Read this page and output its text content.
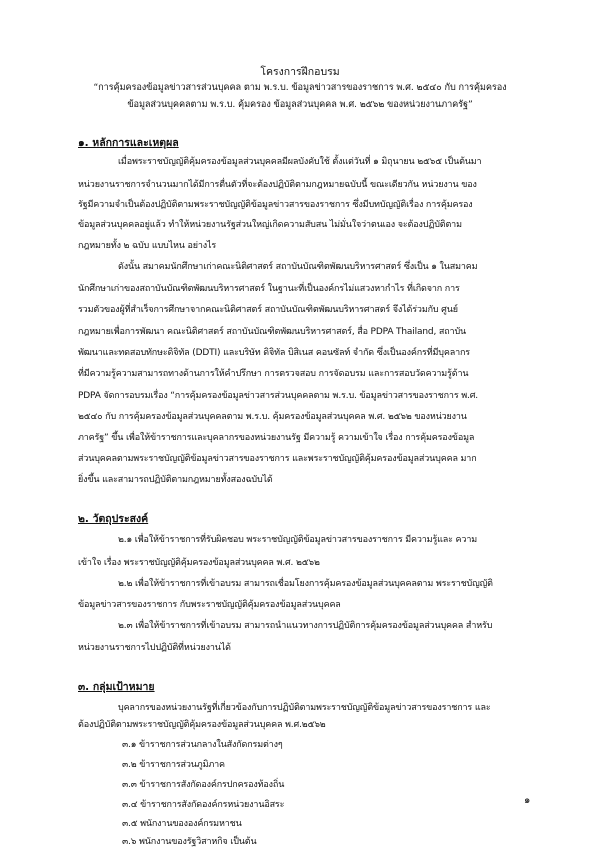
โครงการฝึกอบรม
“การคุ้มครองข้อมูลข่าวสารส่วนบุคคล ตาม พ.ร.บ. ข้อมูลข่าวสารของราชการ พ.ศ. ๒๕๔๐ กับ การคุ้มครอง
ข้อมูลส่วนบุคคลตาม พ.ร.บ. คุ้มครอง ข้อมูลส่วนบุคคล พ.ศ. ๒๕๖๒ ของหน่วยงานภาครัฐ”
๑. หลักการและเหตุผล
เมื่อพระราชบัญญัติคุ้มครองข้อมูลส่วนบุคคลมีผลบังคับใช้ ตั้งแต่วันที่ ๑ มิถุนายน ๒๕๖๕ เป็นต้นมา
หน่วยงานราชการจำนวนมากได้มีการตื่นตัวที่จะต้องปฏิบัติตามกฎหมายฉบับนี้ ขณะเดียวกัน หน่วยงาน ของ
รัฐมีความจำเป็นต้องปฏิบัติตามพระราชบัญญัติข้อมูลข่าวสารของราชการ ซึ่งมีบทบัญญัติเรื่อง การคุ้มครอง
ข้อมูลส่วนบุคคลอยู่แล้ว ทำให้หน่วยงานรัฐส่วนใหญ่เกิดความสับสน ไม่มั่นใจว่าตนเอง จะต้องปฏิบัติตาม
กฎหมายทั้ง ๒ ฉบับ แบบไหน อย่างไร
ดังนั้น สมาคมนักศึกษาเก่าคณะนิติศาสตร์ สถาบันบัณฑิตพัฒนบริหารศาสตร์ ซึ่งเป็น ๑ ในสมาคม
นักศึกษาเก่าของสถาบันบัณฑิตพัฒนบริหารศาสตร์ ในฐานะที่เป็นองค์กรไม่แสวงหากำไร ที่เกิดจาก การ
รวมตัวของผู้ที่สำเร็จการศึกษาจากคณะนิติศาสตร์ สถาบันบัณฑิตพัฒนบริหารศาสตร์ จึงได้ร่วมกับ ศูนย์
กฎหมายเพื่อการพัฒนา คณะนิติศาสตร์ สถาบันบัณฑิตพัฒนบริหารศาสตร์, สื่อ PDPA Thailand, สถาบัน
พัฒนาและทดสอบทักษะดิจิทัล (DDTI) และบริษัท ดิจิทัล บิสิเนส คอนซัลท์ จำกัด ซึ่งเป็นองค์กรที่มีบุคลากร
ที่มีความรู้ความสามารถทางด้านการให้คำปรึกษา การตรวจสอบ การจัดอบรม และการสอบวัดความรู้ด้าน
PDPA จัดการอบรมเรื่อง “การคุ้มครองข้อมูลข่าวสารส่วนบุคคลตาม พ.ร.บ. ข้อมูลข่าวสารของราชการ พ.ศ.
๒๕๔๐ กับ การคุ้มครองข้อมูลส่วนบุคคลตาม พ.ร.บ. คุ้มครองข้อมูลส่วนบุคคล พ.ศ. ๒๕๖๒ ของหน่วยงาน
ภาครัฐ” ขึ้น เพื่อให้ข้าราชการและบุคลากรของหน่วยงานรัฐ มีความรู้ ความเข้าใจ เรื่อง การคุ้มครองข้อมูล
ส่วนบุคคลตามพระราชบัญญัติข้อมูลข่าวสารของราชการ และพระราชบัญญัติคุ้มครองข้อมูลส่วนบุคคล มาก
ยิ่งขึ้น และสามารถปฏิบัติตามกฎหมายทั้งสองฉบับได้
๒. วัตถุประสงค์
๒.๑ เพื่อให้ข้าราชการที่รับผิดชอบ พระราชบัญญัติข้อมูลข่าวสารของราชการ มีความรู้และ ความ
เข้าใจ เรื่อง พระราชบัญญัติคุ้มครองข้อมูลส่วนบุคคล พ.ศ. ๒๕๖๒
๒.๒ เพื่อให้ข้าราชการที่เข้าอบรม สามารถเชื่อมโยงการคุ้มครองข้อมูลส่วนบุคคลตาม พระราชบัญญัติ
ข้อมูลข่าวสารของราชการ กับพระราชบัญญัติคุ้มครองข้อมูลส่วนบุคคล
๒.๓ เพื่อให้ข้าราชการที่เข้าอบรม สามารถนำแนวทางการปฏิบัติการคุ้มครองข้อมูลส่วนบุคคล สำหรับ
หน่วยงานราชการไปปฏิบัติที่หน่วยงานได้
๓. กลุ่มเป้าหมาย
บุคลากรของหน่วยงานรัฐที่เกี่ยวข้องกับการปฏิบัติตามพระราชบัญญัติข้อมูลข่าวสารของราชการ และ
ต้องปฏิบัติตามพระราชบัญญัติคุ้มครองข้อมูลส่วนบุคคล พ.ศ.๒๕๖๒
๓.๑ ข้าราชการส่วนกลางในสังกัดกรมต่างๆ
๓.๒ ข้าราชการส่วนภูมิภาค
๓.๓ ข้าราชการสังกัดองค์กรปกครองท้องถิ่น
๓.๔ ข้าราชการสังกัดองค์กรหน่วยงานอิสระ
๓.๕ พนักงานขององค์กรมหาชน
๓.๖ พนักงานของรัฐวิสาหกิจ เป็นต้น
๑
